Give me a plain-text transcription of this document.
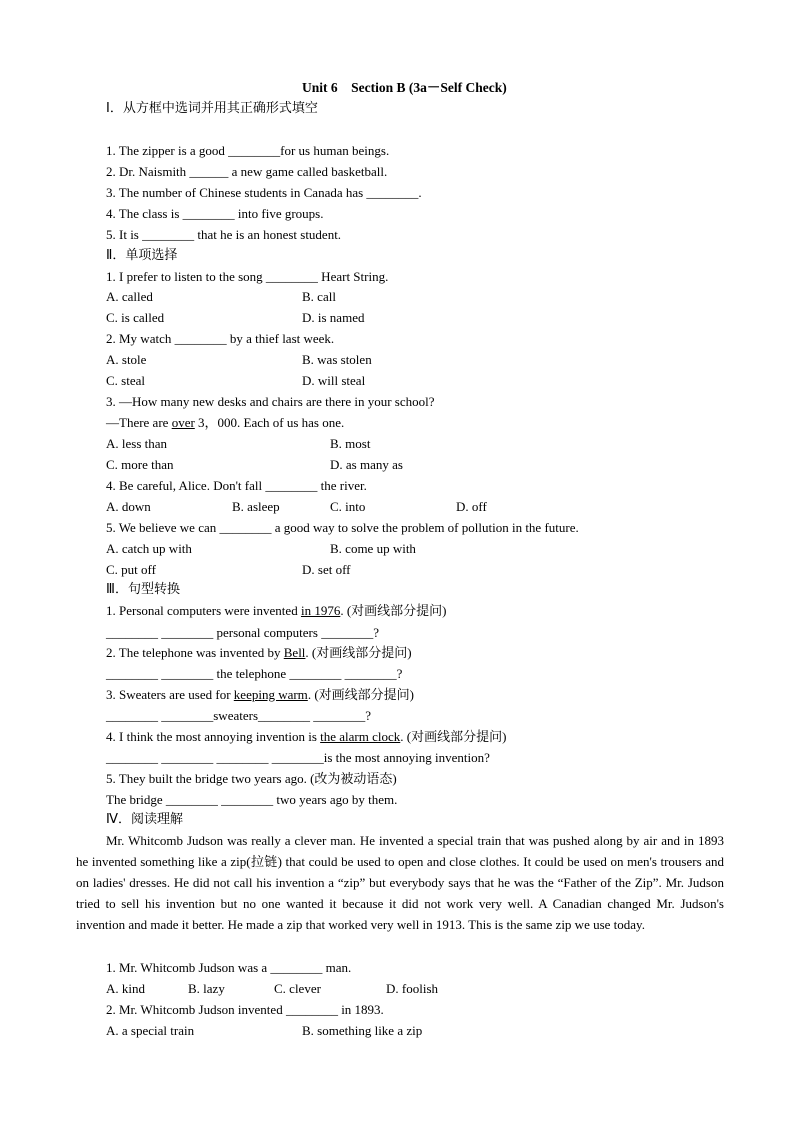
Unit 6　Section B (3a－Self Check)
Ⅰ．从方框中选词并用其正确形式填空
1. The zipper is a good ________for us human beings.
2. Dr. Naismith ______ a new game called basketball.
3. The number of Chinese students in Canada has ________.
4. The class is ________ into five groups.
5. It is ________ that he is an honest student.
Ⅱ．单项选择
1. I prefer to listen to the song ________ Heart String.
A. called	B. call
C. is called	D. is named
2. My watch ________ by a thief last week.
A. stole	B. was stolen
C. steal	D. will steal
3. —How many new desks and chairs are there in your school?
—There are over 3，000. Each of us has one.
A. less than	B. most
C. more than	D. as many as
4. Be careful, Alice. Don't fall ________ the river.
A. down	B. asleep	C. into	D. off
5. We believe we can ________ a good way to solve the problem of pollution in the future.
A. catch up with	B. come up with
C. put off	D. set off
Ⅲ．句型转换
1. Personal computers were invented in 1976. (对画线部分提问)
________ ________ personal computers ________?
2. The telephone was invented by Bell. (对画线部分提问)
________ ________ the telephone ________ ________?
3. Sweaters are used for keeping warm. (对画线部分提问)
________ ________sweaters________ ________?
4. I think the most annoying invention is the alarm clock. (对画线部分提问)
________ ________ ________ ________is the most annoying invention?
5. They built the bridge two years ago. (改为被动语态)
The bridge ________ ________ two years ago by them.
Ⅳ．阅读理解
Mr. Whitcomb Judson was really a clever man. He invented a special train that was pushed along by air and in 1893 he invented something like a zip(拉链) that could be used to open and close clothes. It could be used on men's trousers and on ladies' dresses. He did not call his invention a “zip” but everybody says that he was the “Father of the Zip”. Mr. Judson tried to sell his invention but no one wanted it because it did not work very well. A Canadian changed Mr. Judson's invention and made it better. He made a zip that worked very well in 1913. This is the same zip we use today.
1. Mr. Whitcomb Judson was a ________ man.
A. kind	B. lazy	C. clever	D. foolish
2. Mr. Whitcomb Judson invented ________ in 1893.
A. a special train	B. something like a zip
